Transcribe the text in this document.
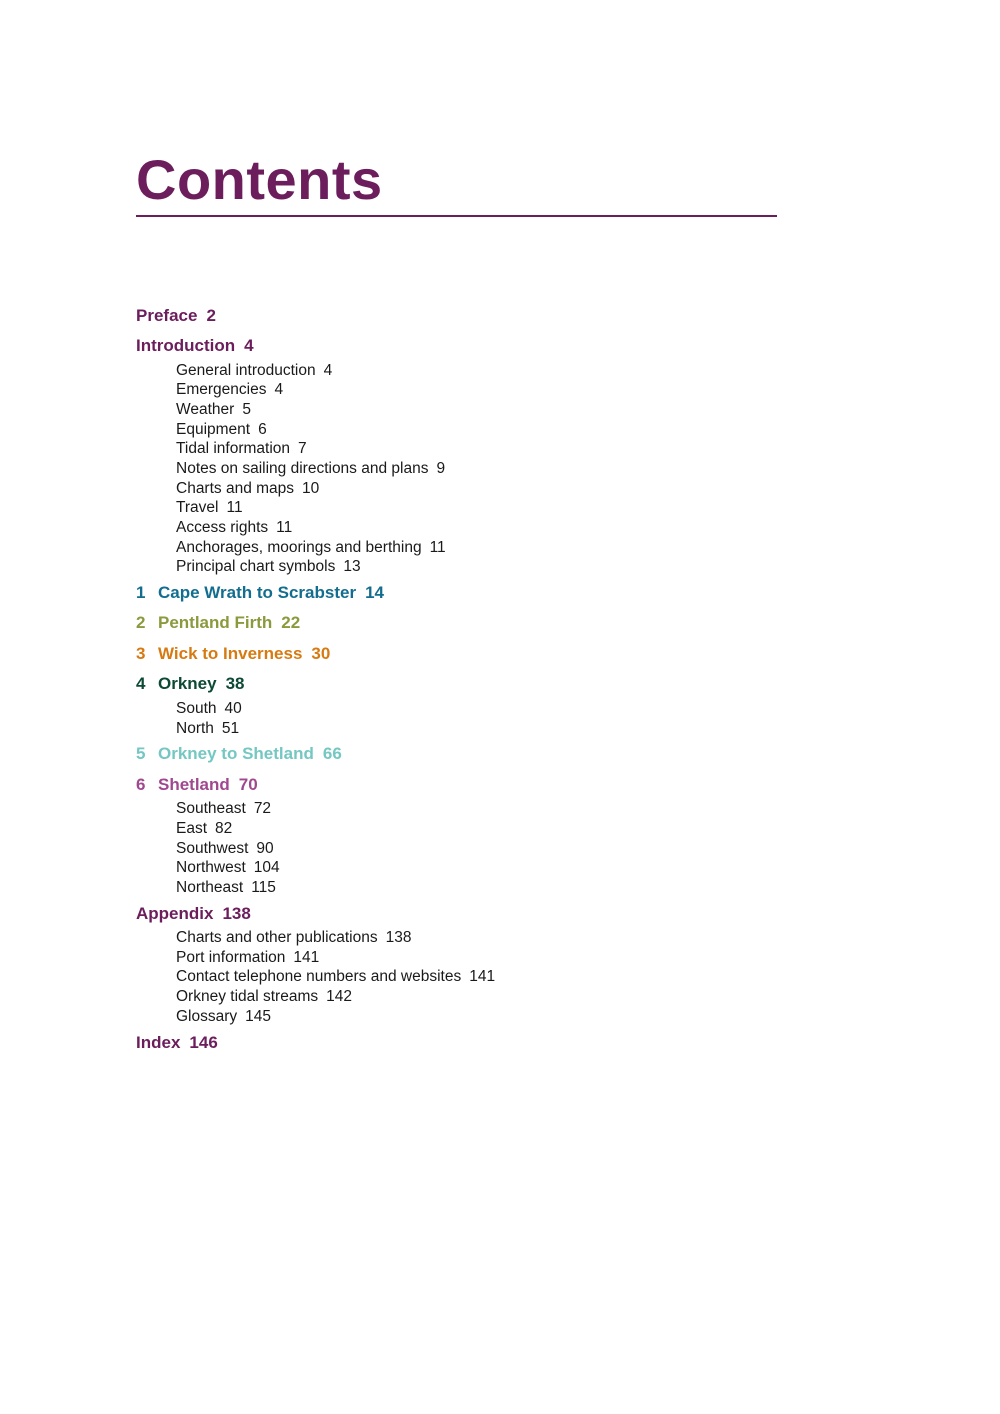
Contents
Preface 2
Introduction 4
General introduction 4
Emergencies 4
Weather 5
Equipment 6
Tidal information 7
Notes on sailing directions and plans 9
Charts and maps 10
Travel 11
Access rights 11
Anchorages, moorings and berthing 11
Principal chart symbols 13
1 Cape Wrath to Scrabster 14
2 Pentland Firth 22
3 Wick to Inverness 30
4 Orkney 38
South 40
North 51
5 Orkney to Shetland 66
6 Shetland 70
Southeast 72
East 82
Southwest 90
Northwest 104
Northeast 115
Appendix 138
Charts and other publications 138
Port information 141
Contact telephone numbers and websites 141
Orkney tidal streams 142
Glossary 145
Index 146
